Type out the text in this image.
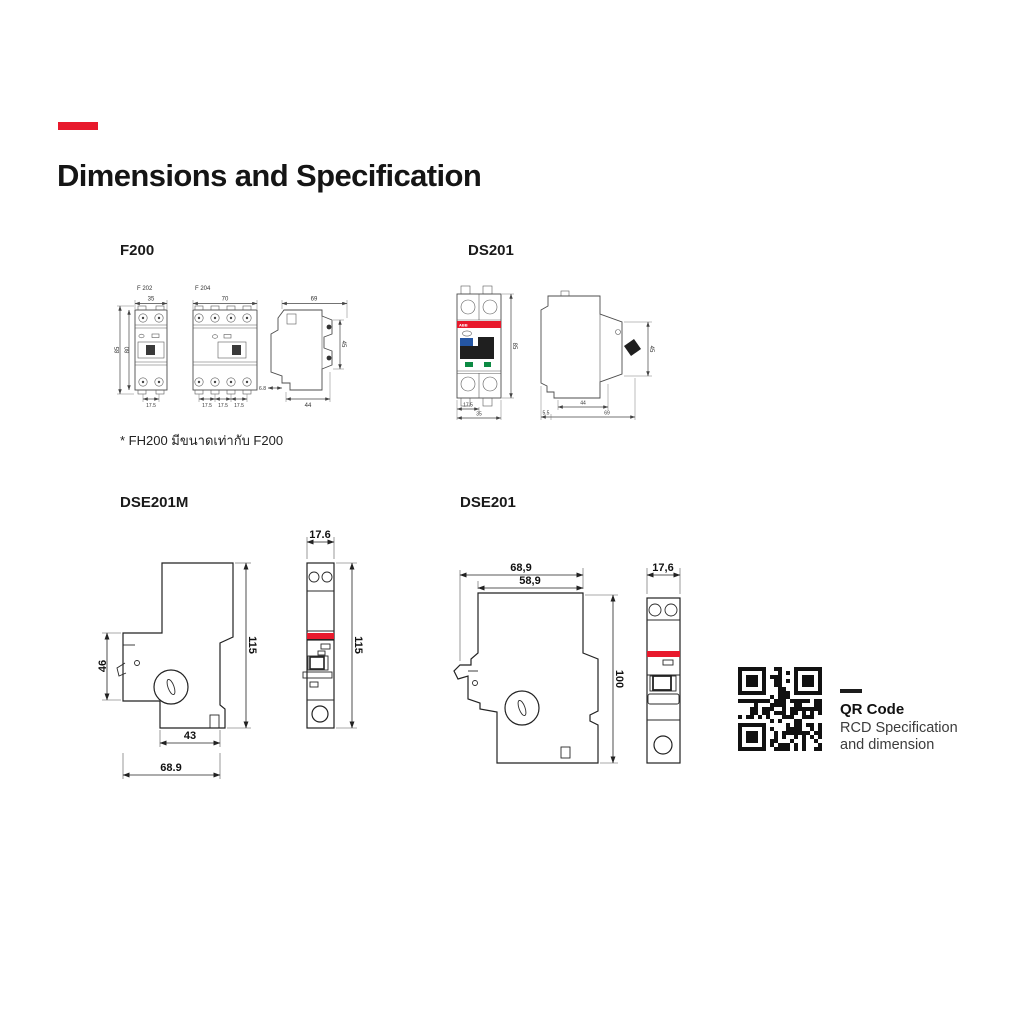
Dimensions and Specification
F200	DS201
DSE201M	DSE201
F 202
35
85 80
17.5
F 204
70
17.5 17.5 17.5
69
45
44
6.8
ABB
85
17.5
35
45
44
5.5	69
* FH200 มีขนาดเท่ากับ F200
115
43
68.9
46
17.6
115
68,9
58,9
100
17,6
QR Code
RCD Specification
and dimension
